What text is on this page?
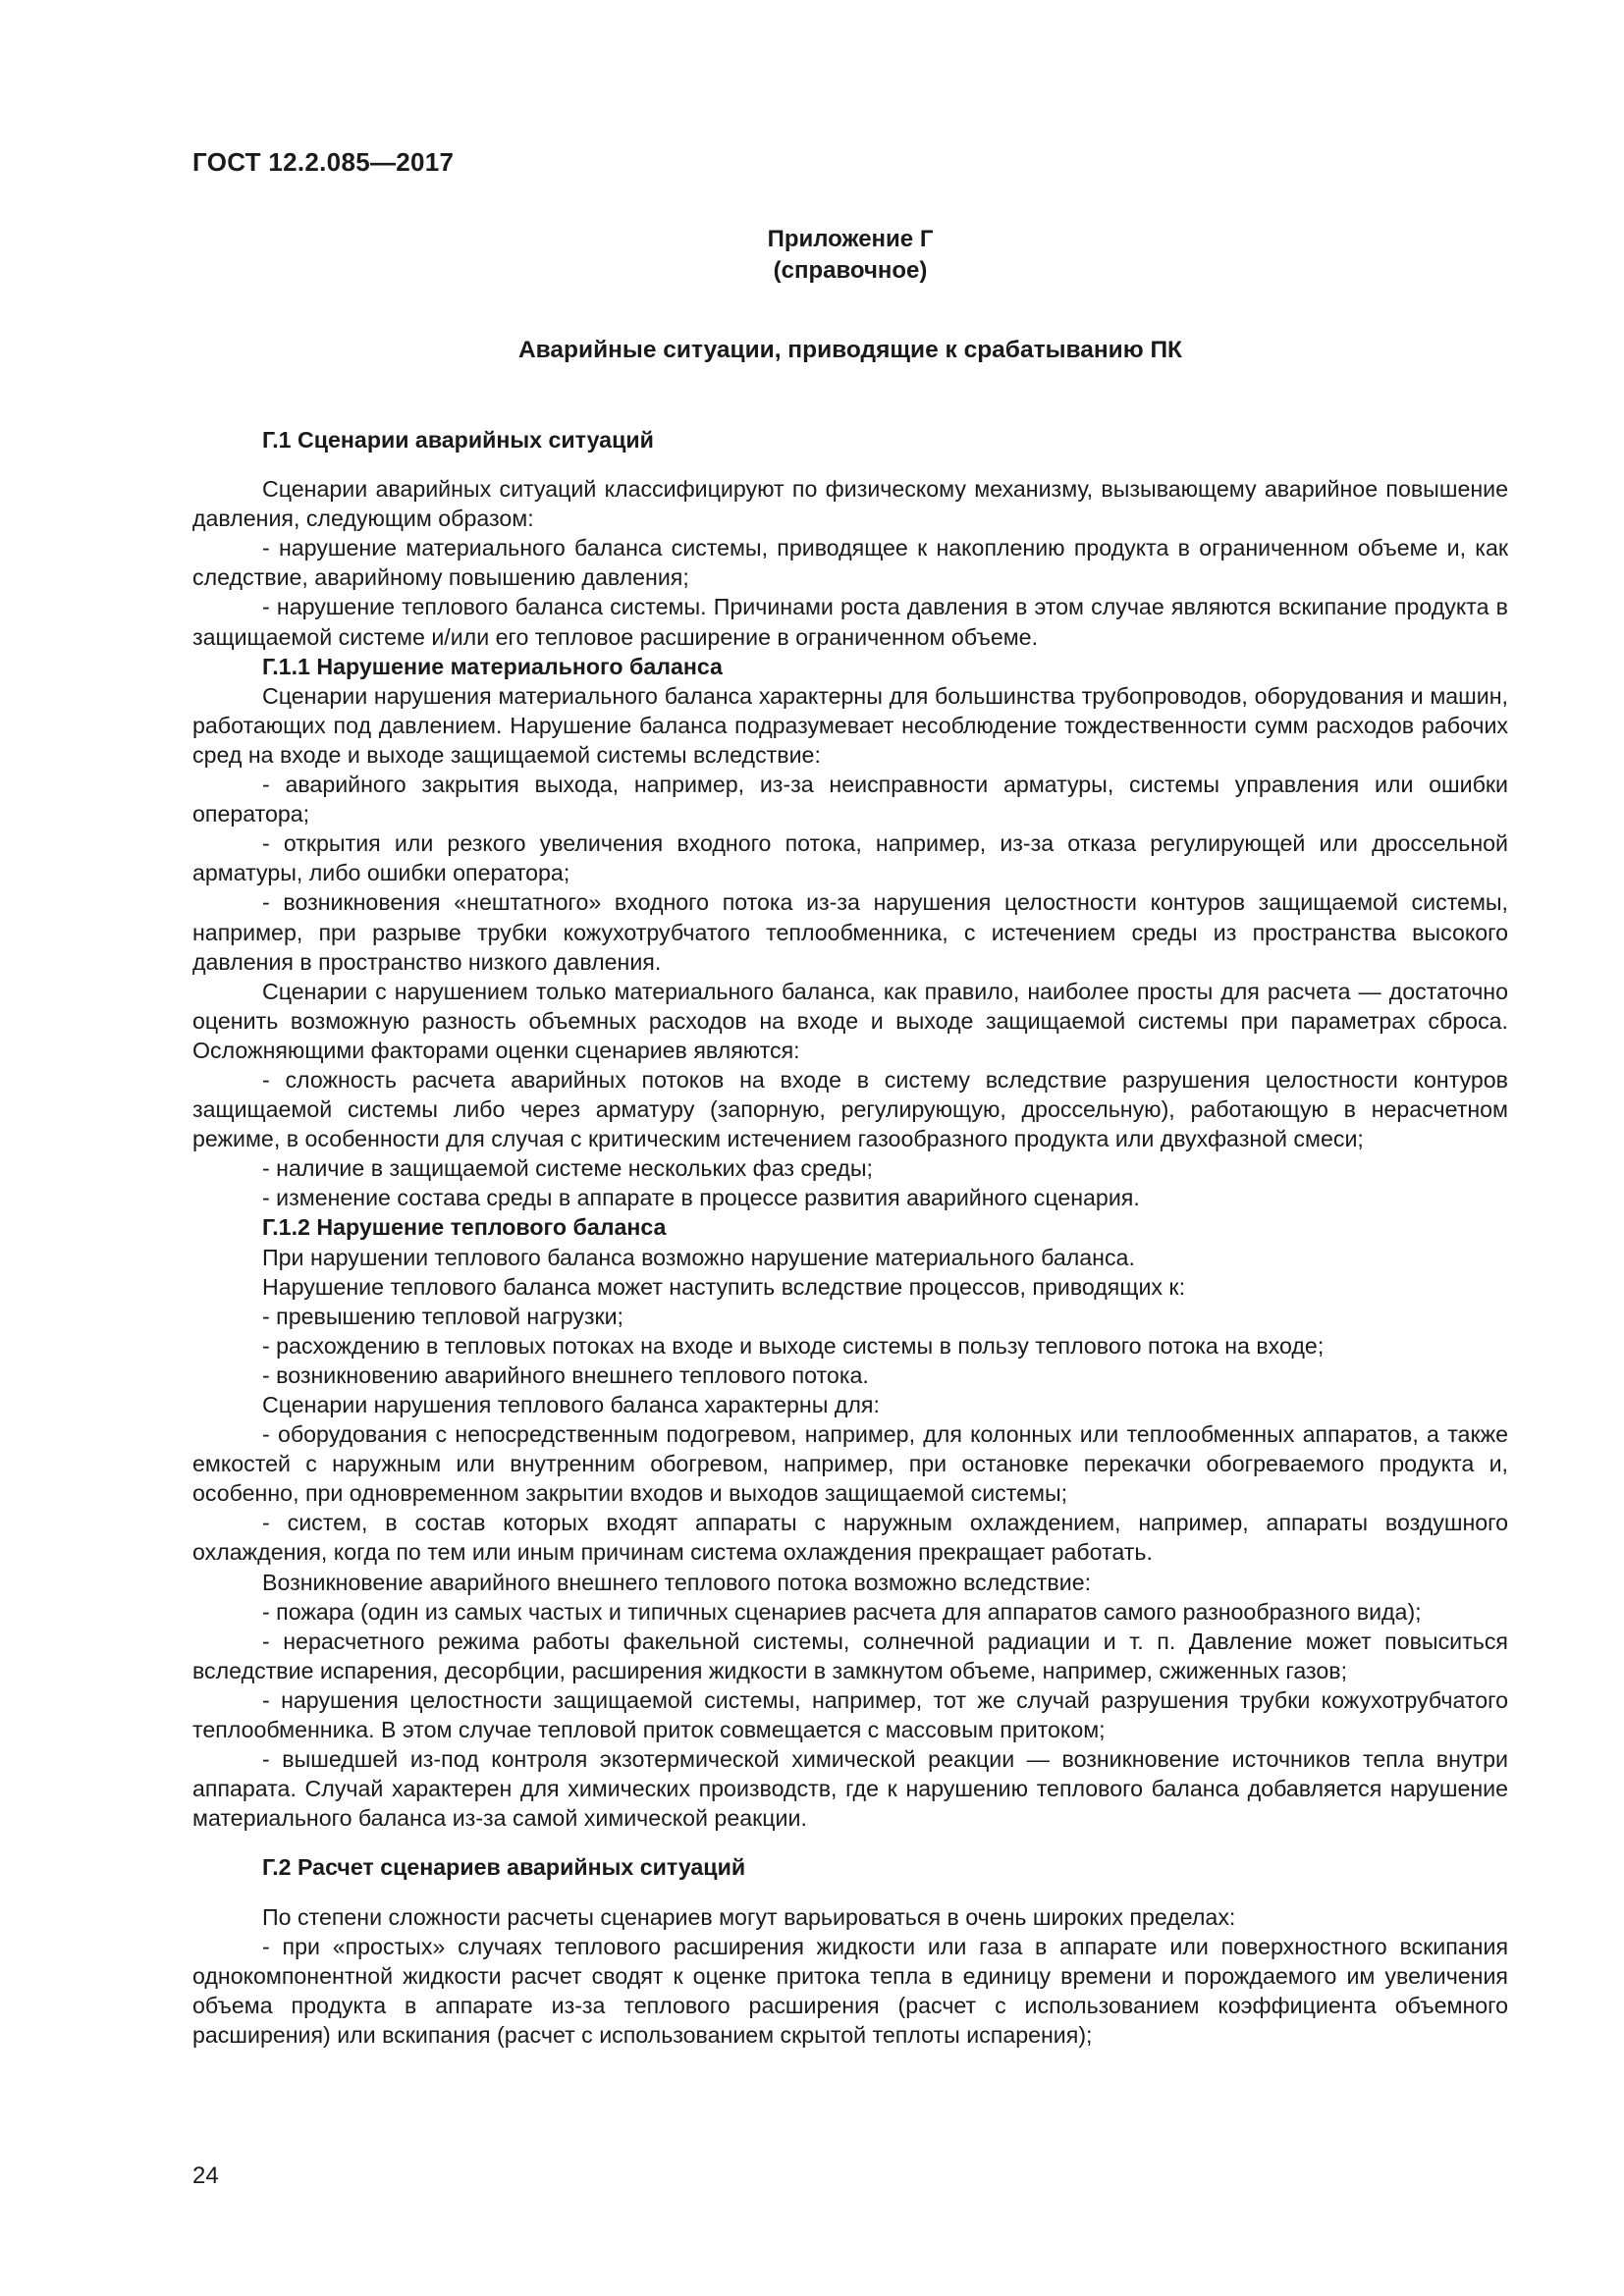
ГОСТ 12.2.085—2017
Приложение Г
(справочное)
Аварийные ситуации, приводящие к срабатыванию ПК
Г.1 Сценарии аварийных ситуаций

Сценарии аварийных ситуаций классифицируют по физическому механизму, вызывающему аварийное повышение давления, следующим образом:

- нарушение материального баланса системы, приводящее к накоплению продукта в ограниченном объеме и, как следствие, аварийному повышению давления;

- нарушение теплового баланса системы. Причинами роста давления в этом случае являются вскипание продукта в защищаемой системе и/или его тепловое расширение в ограниченном объеме.

Г.1.1 Нарушение материального баланса

Сценарии нарушения материального баланса характерны для большинства трубопроводов, оборудования и машин, работающих под давлением. Нарушение баланса подразумевает несоблюдение тождественности сумм расходов рабочих сред на входе и выходе защищаемой системы вследствие:

- аварийного закрытия выхода, например, из-за неисправности арматуры, системы управления или ошибки оператора;

- открытия или резкого увеличения входного потока, например, из-за отказа регулирующей или дроссельной арматуры, либо ошибки оператора;

- возникновения «нештатного» входного потока из-за нарушения целостности контуров защищаемой системы, например, при разрыве трубки кожухотрубчатого теплообменника, с истечением среды из пространства высокого давления в пространство низкого давления.

Сценарии с нарушением только материального баланса, как правило, наиболее просты для расчета — достаточно оценить возможную разность объемных расходов на входе и выходе защищаемой системы при параметрах сброса. Осложняющими факторами оценки сценариев являются:

- сложность расчета аварийных потоков на входе в систему вследствие разрушения целостности контуров защищаемой системы либо через арматуру (запорную, регулирующую, дроссельную), работающую в нерасчетном режиме, в особенности для случая с критическим истечением газообразного продукта или двухфазной смеси;

- наличие в защищаемой системе нескольких фаз среды;

- изменение состава среды в аппарате в процессе развития аварийного сценария.

Г.1.2 Нарушение теплового баланса

При нарушении теплового баланса возможно нарушение материального баланса.

Нарушение теплового баланса может наступить вследствие процессов, приводящих к:

- превышению тепловой нагрузки;

- расхождению в тепловых потоках на входе и выходе системы в пользу теплового потока на входе;

- возникновению аварийного внешнего теплового потока.

Сценарии нарушения теплового баланса характерны для:

- оборудования с непосредственным подогревом, например, для колонных или теплообменных аппаратов, а также емкостей с наружным или внутренним обогревом, например, при остановке перекачки обогреваемого продукта и, особенно, при одновременном закрытии входов и выходов защищаемой системы;

- систем, в состав которых входят аппараты с наружным охлаждением, например, аппараты воздушного охлаждения, когда по тем или иным причинам система охлаждения прекращает работать.

Возникновение аварийного внешнего теплового потока возможно вследствие:

- пожара (один из самых частых и типичных сценариев расчета для аппаратов самого разнообразного вида);

- нерасчетного режима работы факельной системы, солнечной радиации и т. п. Давление может повыситься вследствие испарения, десорбции, расширения жидкости в замкнутом объеме, например, сжиженных газов;

- нарушения целостности защищаемой системы, например, тот же случай разрушения трубки кожухотрубчатого теплообменника. В этом случае тепловой приток совмещается с массовым притоком;

- вышедшей из-под контроля экзотермической химической реакции — возникновение источников тепла внутри аппарата. Случай характерен для химических производств, где к нарушению теплового баланса добавляется нарушение материального баланса из-за самой химической реакции.

Г.2 Расчет сценариев аварийных ситуаций

По степени сложности расчеты сценариев могут варьироваться в очень широких пределах:

- при «простых» случаях теплового расширения жидкости или газа в аппарате или поверхностного вскипания однокомпонентной жидкости расчет сводят к оценке притока тепла в единицу времени и порождаемого им увеличения объема продукта в аппарате из-за теплового расширения (расчет с использованием коэффициента объемного расширения) или вскипания (расчет с использованием скрытой теплоты испарения);

24
